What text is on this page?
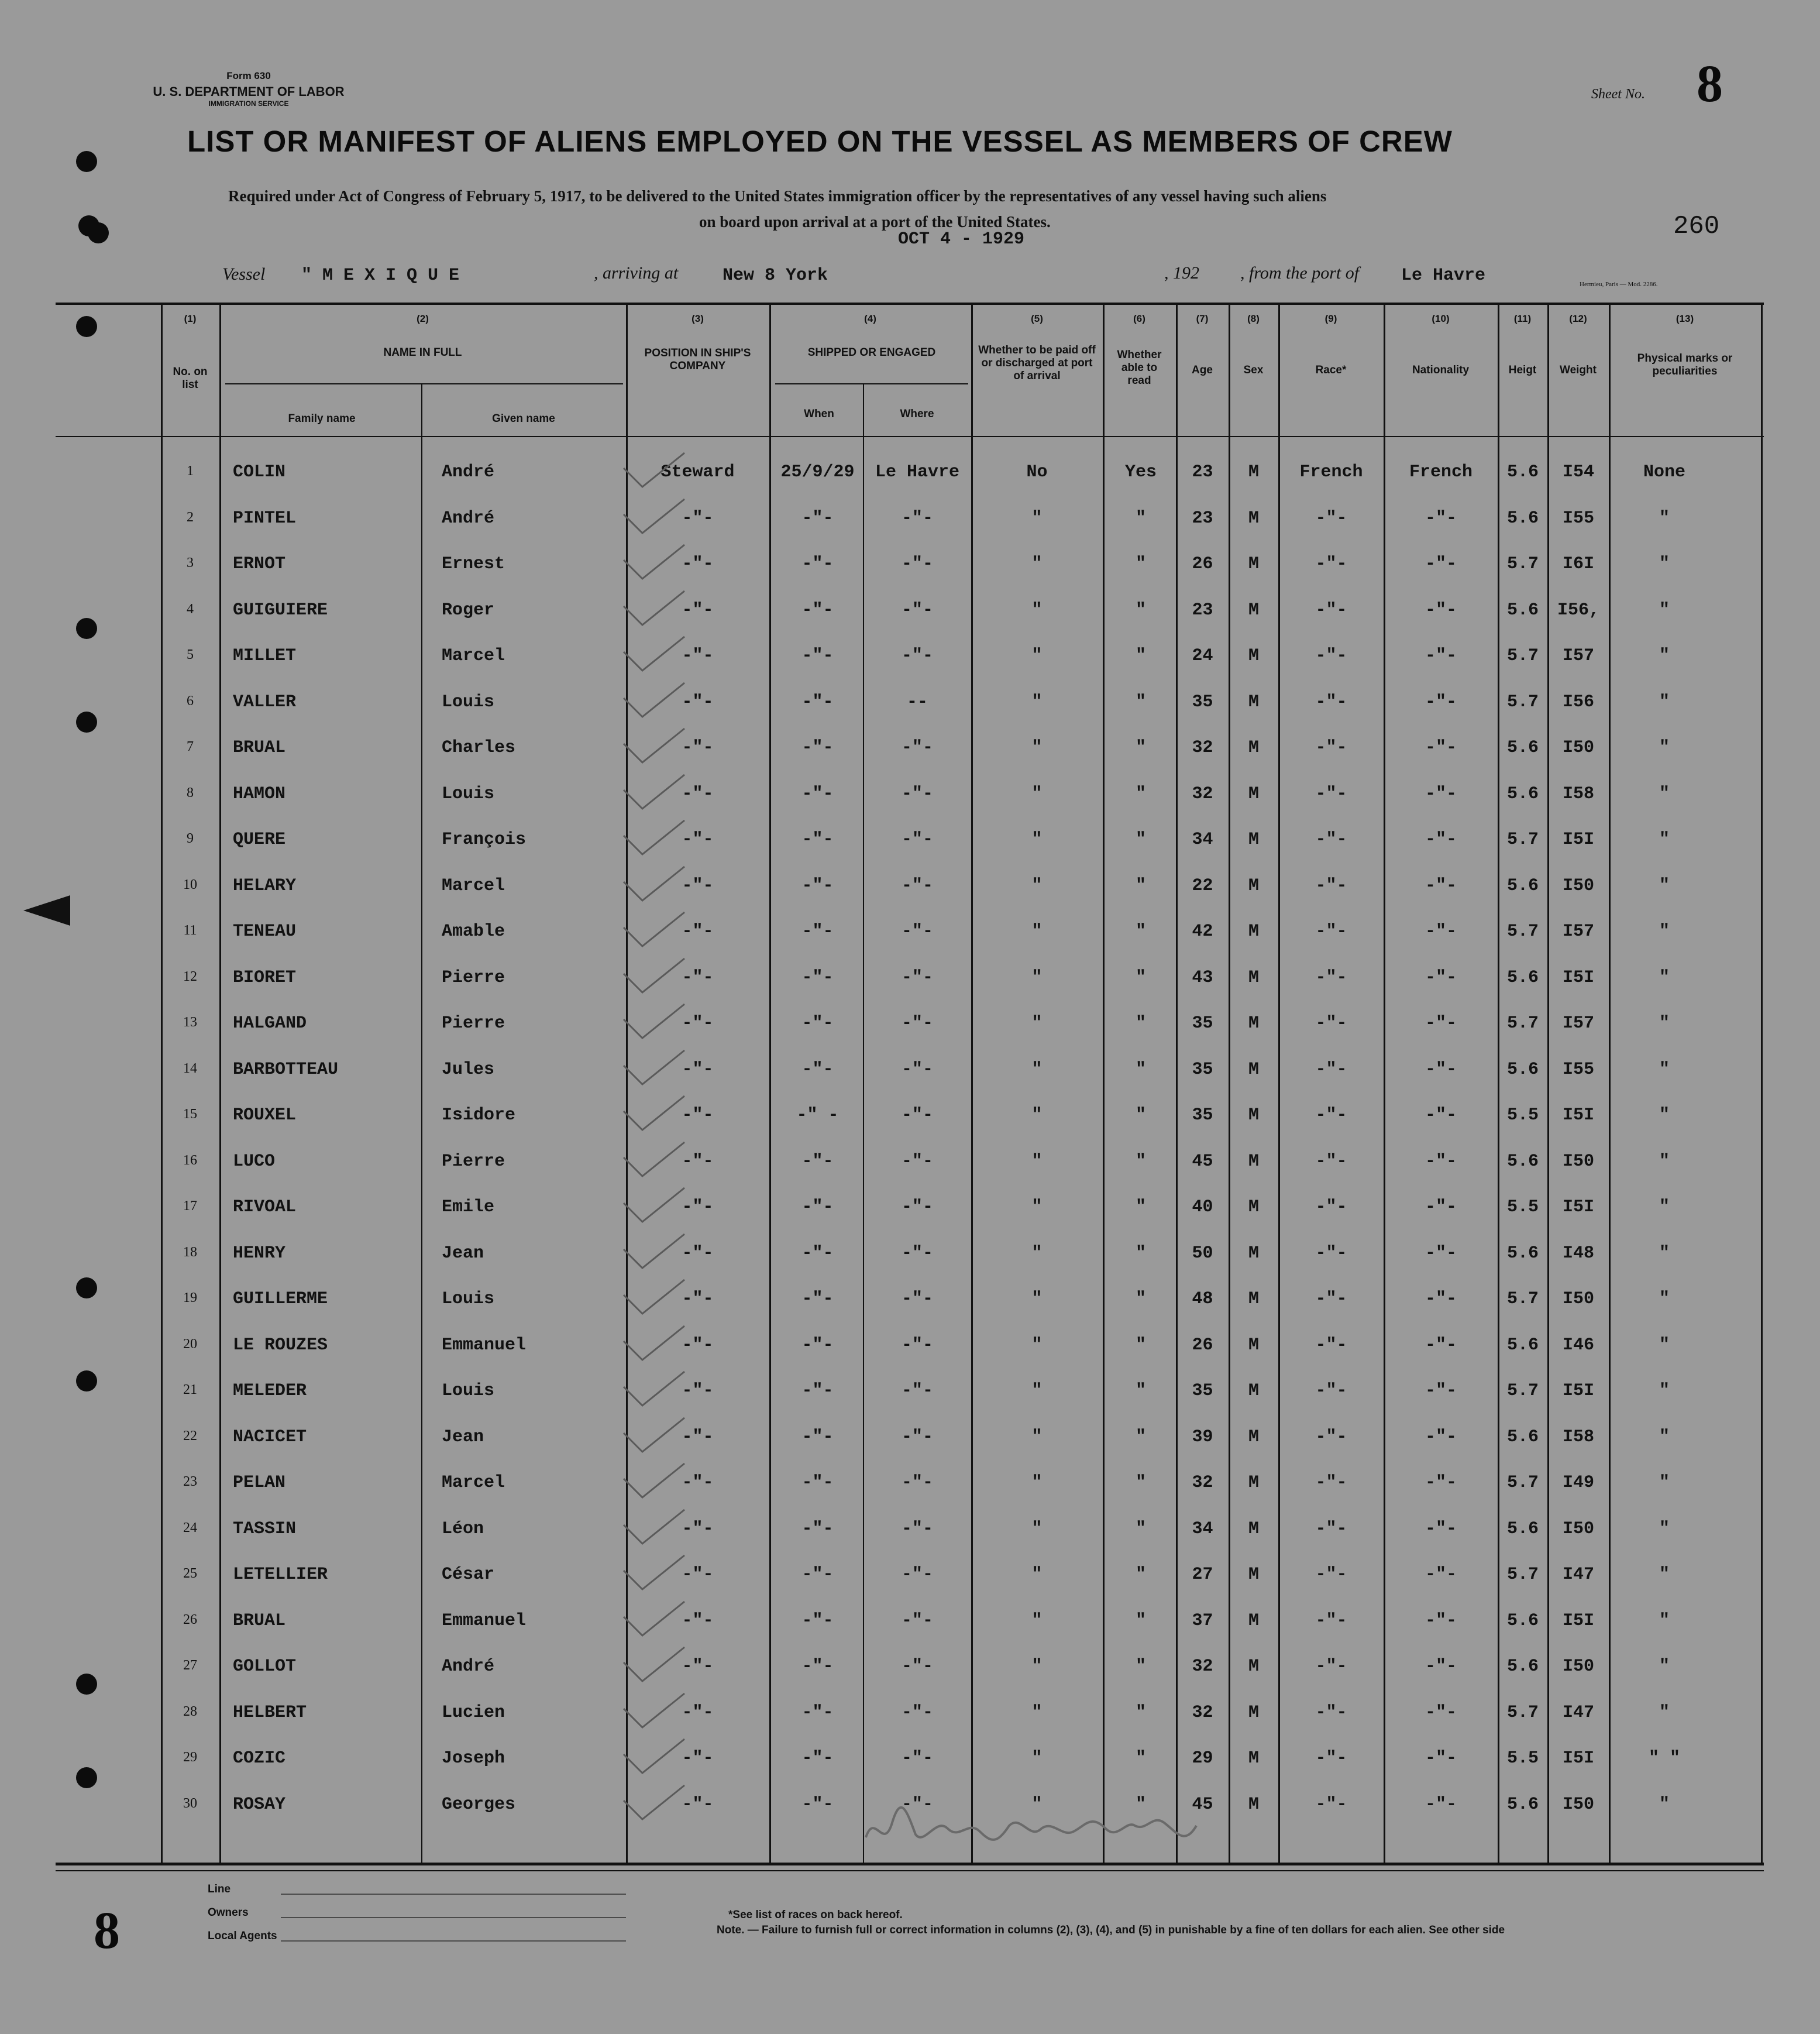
Form 630
U. S. DEPARTMENT OF LABOR
IMMIGRATION SERVICE
Sheet No. 8
LIST OR MANIFEST OF ALIENS EMPLOYED ON THE VESSEL AS MEMBERS OF CREW
Required under Act of Congress of February 5, 1917, to be delivered to the United States immigration officer by the representatives of any vessel having such aliens
on board upon arrival at a port of the United States.
OCT 4 - 1929	260
Vessel " M E X I Q U E	, arriving at	New 8 York	, 192 , from the port of Le Havre	Hermieu, Paris — Mod. 2286.
(1)	(2)	(3)	(4)	(5)	(6)	(7)	(8)	(9)	(10)	(11)	(12)	(13)
No. on list
NAME IN FULL
Family name	Given name
POSITION IN SHIP'S COMPANY
SHIPPED OR ENGAGED
When	Where
Whether to be paid off or discharged at port of arrival
Whether able to read
Age	Sex	Race*	Nationality	Heigt	Weight
Physical marks or peculiarities
1	COLIN	André	Steward	25/9/29	Le Havre	No	Yes	23	M	French	French	5.6	I54	None
2	PINTEL	André	-"-	-"-	-"-	"	"	23	M	-"-	-"-	5.6	I55	"
3	ERNOT	Ernest	-"-	-"-	-"-	"	"	26	M	-"-	-"-	5.7	I6I	"
4	GUIGUIERE	Roger	-"-	-"-	-"-	"	"	23	M	-"-	-"-	5.6	I56,	"
5	MILLET	Marcel	-"-	-"-	-"-	"	"	24	M	-"-	-"-	5.7	I57	"
6	VALLER	Louis	-"-	-"-	--	"	"	35	M	-"-	-"-	5.7	I56	"
7	BRUAL	Charles	-"-	-"-	-"-	"	"	32	M	-"-	-"-	5.6	I50	"
8	HAMON	Louis	-"-	-"-	-"-	"	"	32	M	-"-	-"-	5.6	I58	"
9	QUERE	François	-"-	-"-	-"-	"	"	34	M	-"-	-"-	5.7	I5I	"
10	HELARY	Marcel	-"-	-"-	-"-	"	"	22	M	-"-	-"-	5.6	I50	"
11	TENEAU	Amable	-"-	-"-	-"-	"	"	42	M	-"-	-"-	5.7	I57	"
12	BIORET	Pierre	-"-	-"-	-"-	"	"	43	M	-"-	-"-	5.6	I5I	"
13	HALGAND	Pierre	-"-	-"-	-"-	"	"	35	M	-"-	-"-	5.7	I57	"
14	BARBOTTEAU	Jules	-"-	-"-	-"-	"	"	35	M	-"-	-"-	5.6	I55	"
15	ROUXEL	Isidore	-"-	-" -	-"-	"	"	35	M	-"-	-"-	5.5	I5I	"
16	LUCO	Pierre	-"-	-"-	-"-	"	"	45	M	-"-	-"-	5.6	I50	"
17	RIVOAL	Emile	-"-	-"-	-"-	"	"	40	M	-"-	-"-	5.5	I5I	"
18	HENRY	Jean	-"-	-"-	-"-	"	"	50	M	-"-	-"-	5.6	I48	"
19	GUILLERME	Louis	-"-	-"-	-"-	"	"	48	M	-"-	-"-	5.7	I50	"
20	LE ROUZES	Emmanuel	-"-	-"-	-"-	"	"	26	M	-"-	-"-	5.6	I46	"
21	MELEDER	Louis	-"-	-"-	-"-	"	"	35	M	-"-	-"-	5.7	I5I	"
22	NACICET	Jean	-"-	-"-	-"-	"	"	39	M	-"-	-"-	5.6	I58	"
23	PELAN	Marcel	-"-	-"-	-"-	"	"	32	M	-"-	-"-	5.7	I49	"
24	TASSIN	Léon	-"-	-"-	-"-	"	"	34	M	-"-	-"-	5.6	I50	"
25	LETELLIER	César	-"-	-"-	-"-	"	"	27	M	-"-	-"-	5.7	I47	"
26	BRUAL	Emmanuel	-"-	-"-	-"-	"	"	37	M	-"-	-"-	5.6	I5I	"
27	GOLLOT	André	-"-	-"-	-"-	"	"	32	M	-"-	-"-	5.6	I50	"
28	HELBERT	Lucien	-"-	-"-	-"-	"	"	32	M	-"-	-"-	5.7	I47	"
29	COZIC	Joseph	-"-	-"-	-"-	"	"	29	M	-"-	-"-	5.5	I5I	" "
30	ROSAY	Georges	-"-	-"-	-"-	"	"	45	M	-"-	-"-	5.6	I50	"
Line
Owners
Local Agents
*See list of races on back hereof.
Note. — Failure to furnish full or correct information in columns (2), (3), (4), and (5) in punishable by a fine of ten dollars for each alien. See other side
8
